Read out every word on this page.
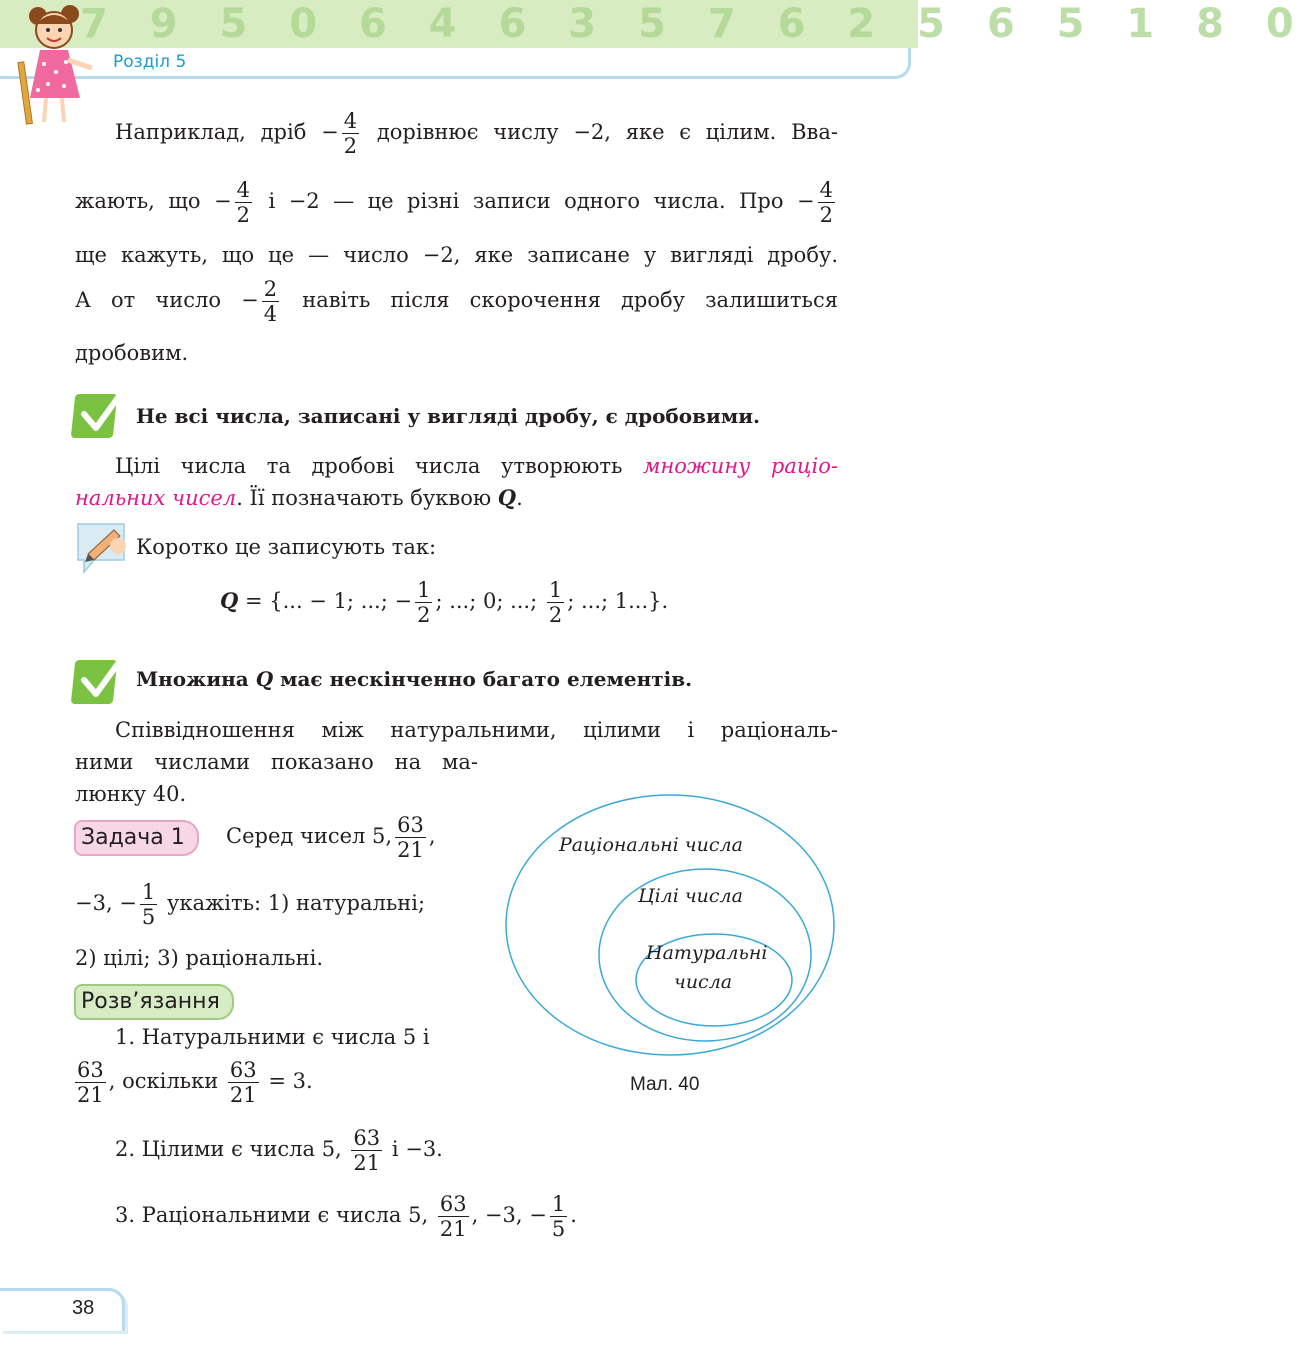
7 9 5 0 6 4 6 3 5 7 6 2 5 6 5 1 8 0
Розділ 5
Наприклад, дріб − $\frac{4}{2}$ дорівнює числу −2, яке є цілим. Вва-
жають, що − $\frac{4}{2}$ і −2 — це різні записи одного числа. Про − $\frac{4}{2}$
ще кажуть, що це — число −2, яке записане у вигляді дробу.
А от число − $\frac{2}{4}$ навіть після скорочення дробу залишиться
дробовим.
Не всі числа, записані у вигляді дробу, є дробовими.
Цілі числа та дробові числа утворюють множину раціо-
нальних чисел. Її позначають буквою Q.
Коротко це записують так:
Q = {... − 1; ...; − $\frac{1}{2}$ ; ...; 0; ...; $\frac{1}{2}$ ; ...; 1...}.
Множина Q має нескінченно багато елементів.
Співвідношення між натуральними, цілими і раціональ-
ними числами показано на ма-
люнку 40.
Задача 1	Серед чисел 5, $\frac{63}{21}$ ,
−3, − $\frac{1}{5}$ укажіть: 1) натуральні;
2) цілі; 3) раціональні.
Розв’язання
1. Натуральними є числа 5 і
$\frac{63}{21}$ , оскільки $\frac{63}{21} = 3$.
2. Цілими є числа 5, $\frac{63}{21}$ і −3.
3. Раціональними є числа 5, $\frac{63}{21}$ , −3, − $\frac{1}{5}$ .
Раціональні числа
Цілі числа
Натуральні
числа
Мал. 40
38
